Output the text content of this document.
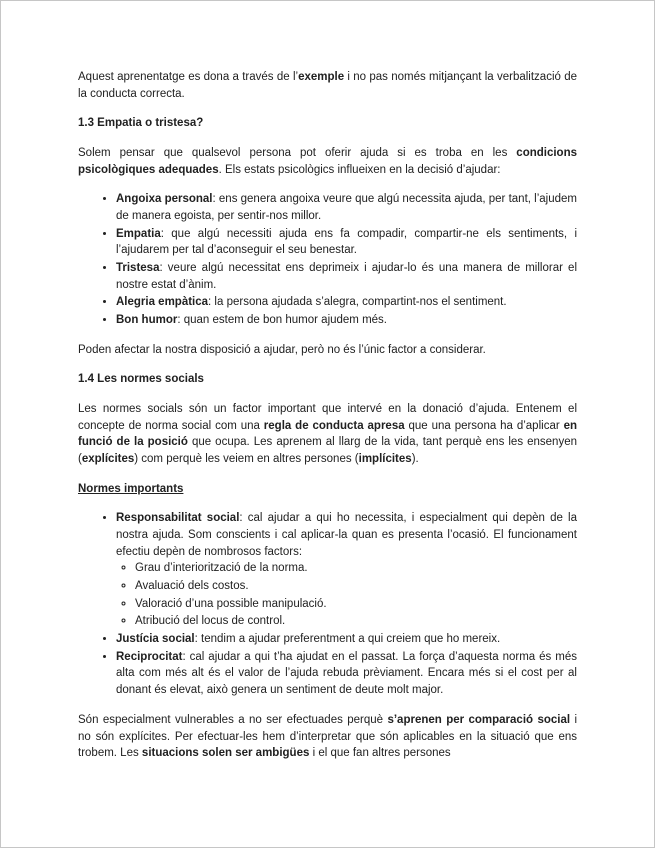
Aquest aprenentatge es dona a través de l’exemple i no pas només mitjançant la verbalització de la conducta correcta.

1.3 Empatia o tristesa?

Solem pensar que qualsevol persona pot oferir ajuda si es troba en les condicions psicològiques adequades. Els estats psicològics influeixen en la decisió d’ajudar:

• Angoixa personal: ens genera angoixa veure que algú necessita ajuda, per tant, l’ajudem de manera egoista, per sentir-nos millor.
• Empatia: que algú necessiti ajuda ens fa compadir, compartir-ne els sentiments, i l’ajudarem per tal d’aconseguir el seu benestar.
• Tristesa: veure algú necessitat ens deprimeix i ajudar-lo és una manera de millorar el nostre estat d’ànim.
• Alegria empàtica: la persona ajudada s’alegra, compartint-nos el sentiment.
• Bon humor: quan estem de bon humor ajudem més.

Poden afectar la nostra disposició a ajudar, però no és l’únic factor a considerar.

1.4 Les normes socials

Les normes socials són un factor important que intervé en la donació d’ajuda. Entenem el concepte de norma social com una regla de conducta apresa que una persona ha d’aplicar en funció de la posició que ocupa. Les aprenem al llarg de la vida, tant perquè ens les ensenyen (explícites) com perquè les veiem en altres persones (implícites).

Normes importants
• Responsabilitat social: cal ajudar a qui ho necessita, i especialment qui depèn de la nostra ajuda. Som conscients i cal aplicar-la quan es presenta l’ocasió. El funcionament efectiu depèn de nombrosos factors:
◦ Grau d’interiorització de la norma.
◦ Avaluació dels costos.
◦ Valoració d’una possible manipulació.
◦ Atribució del locus de control.
• Justícia social: tendim a ajudar preferentment a qui creiem que ho mereix.
• Reciprocitat: cal ajudar a qui t’ha ajudat en el passat. La força d’aquesta norma és més alta com més alt és el valor de l’ajuda rebuda prèviament. Encara més si el cost per al donant és elevat, això genera un sentiment de deute molt major.

Són especialment vulnerables a no ser efectuades perquè s’aprenen per comparació social i no són explícites. Per efectuar-les hem d’interpretar que són aplicables en la situació que ens trobem. Les situacions solen ser ambigües i el que fan altres persones
